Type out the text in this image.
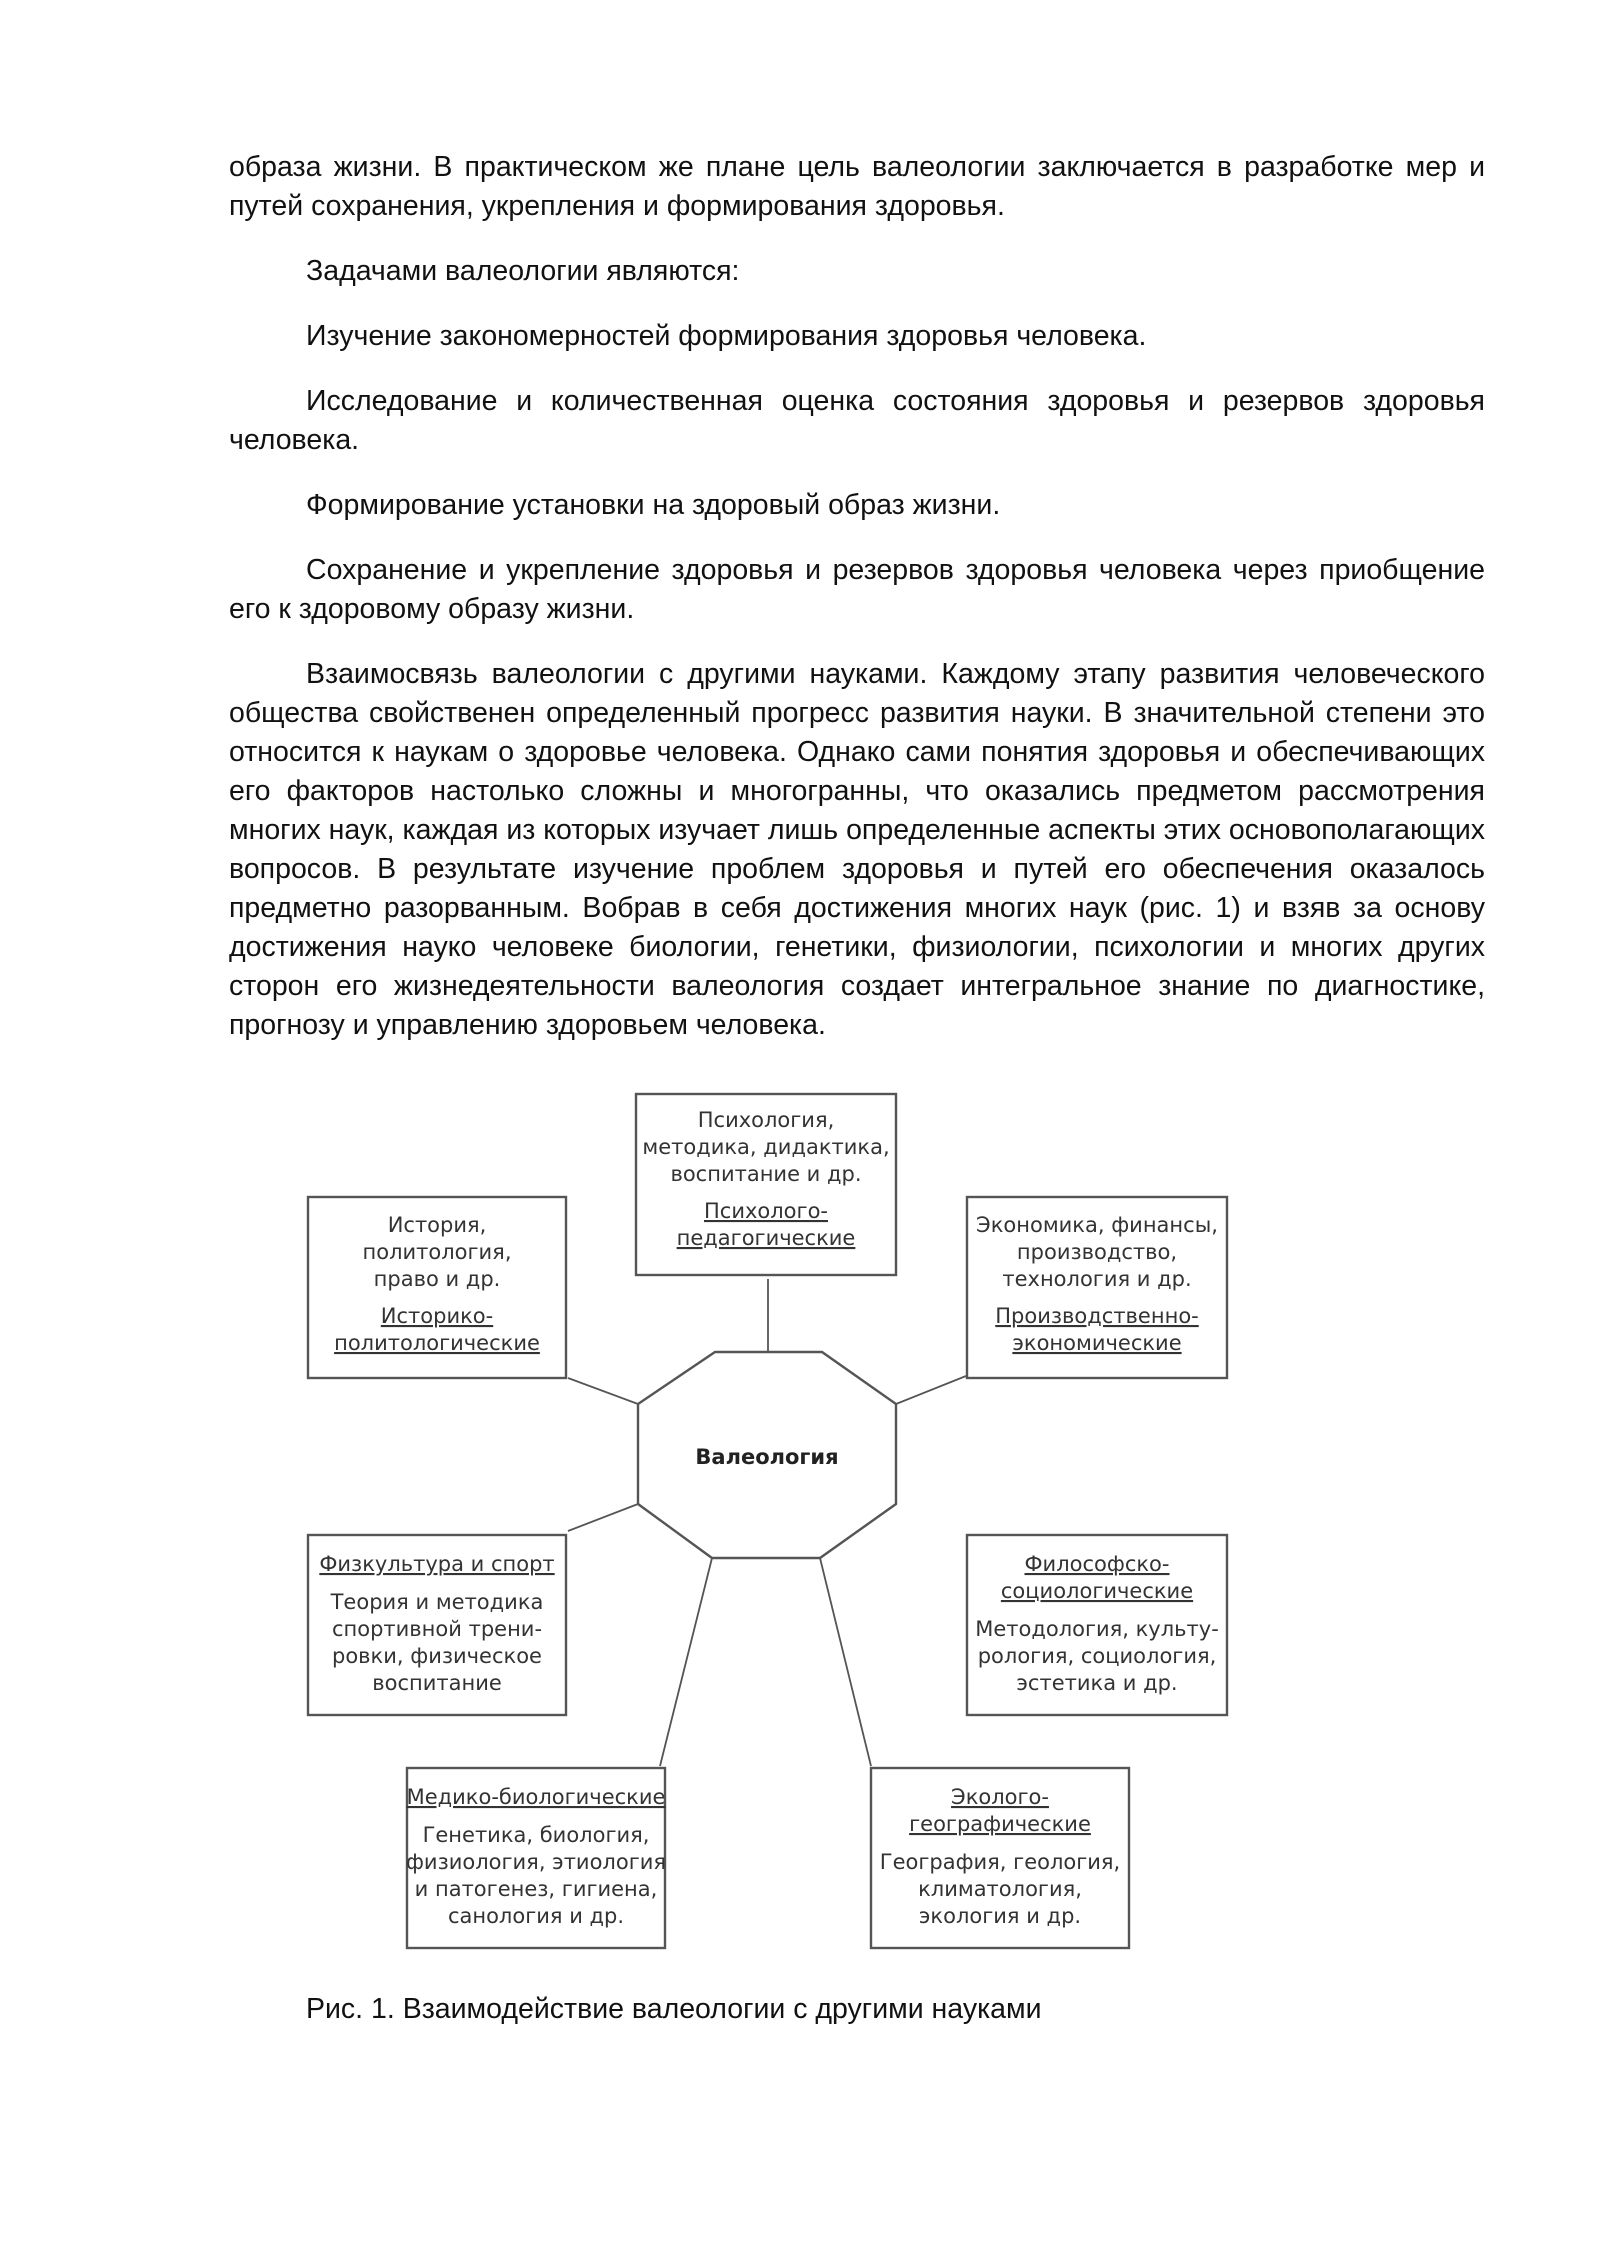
образа жизни. В практическом же плане цель валеологии заключается в разработке мер и путей сохранения, укрепления и формирования здоровья.

Задачами валеологии являются:

Изучение закономерностей формирования здоровья человека.

Исследование и количественная оценка состояния здоровья и резервов здоровья человека.

Формирование установки на здоровый образ жизни.

Сохранение и укрепление здоровья и резервов здоровья человека через приобщение его к здоровому образу жизни.

Взаимосвязь валеологии с другими науками. Каждому этапу развития человеческого общества свойственен определенный прогресс развития науки. В значительной степени это относится к наукам о здоровье человека. Однако сами понятия здоровья и обеспечивающих его факторов настолько сложны и многогранны, что оказались предметом рассмотрения многих наук, каждая из которых изучает лишь определенные аспекты этих основополагающих вопросов. В результате изучение проблем здоровья и путей его обеспечения оказалось предметно разорванным. Вобрав в себя достижения многих наук (рис. 1) и взяв за основу достижения науко человеке биологии, генетики, физиологии, психологии и многих других сторон его жизнедеятельности валеология создает интегральное знание по диагностике, прогнозу и управлению здоровьем человека.

Валеология
Психология,
методика, дидактика,
воспитание и др.
Психолого-
педагогические
История,
политология,
право и др.
Историко-
политологические
Экономика, финансы,
производство,
технология и др.
Производственно-
экономические
Физкультура и спорт
Теория и методика
спортивной трени-
ровки, физическое
воспитание
Философско-
социологические
Методология, культу-
рология, социология,
эстетика и др.
Медико-биологические
Генетика, биология,
физиология, этиология
и патогенез, гигиена,
санология и др.
Эколого-
географические
География, геология,
климатология,
экология и др.
Рис. 1. Взаимодействие валеологии с другими науками
